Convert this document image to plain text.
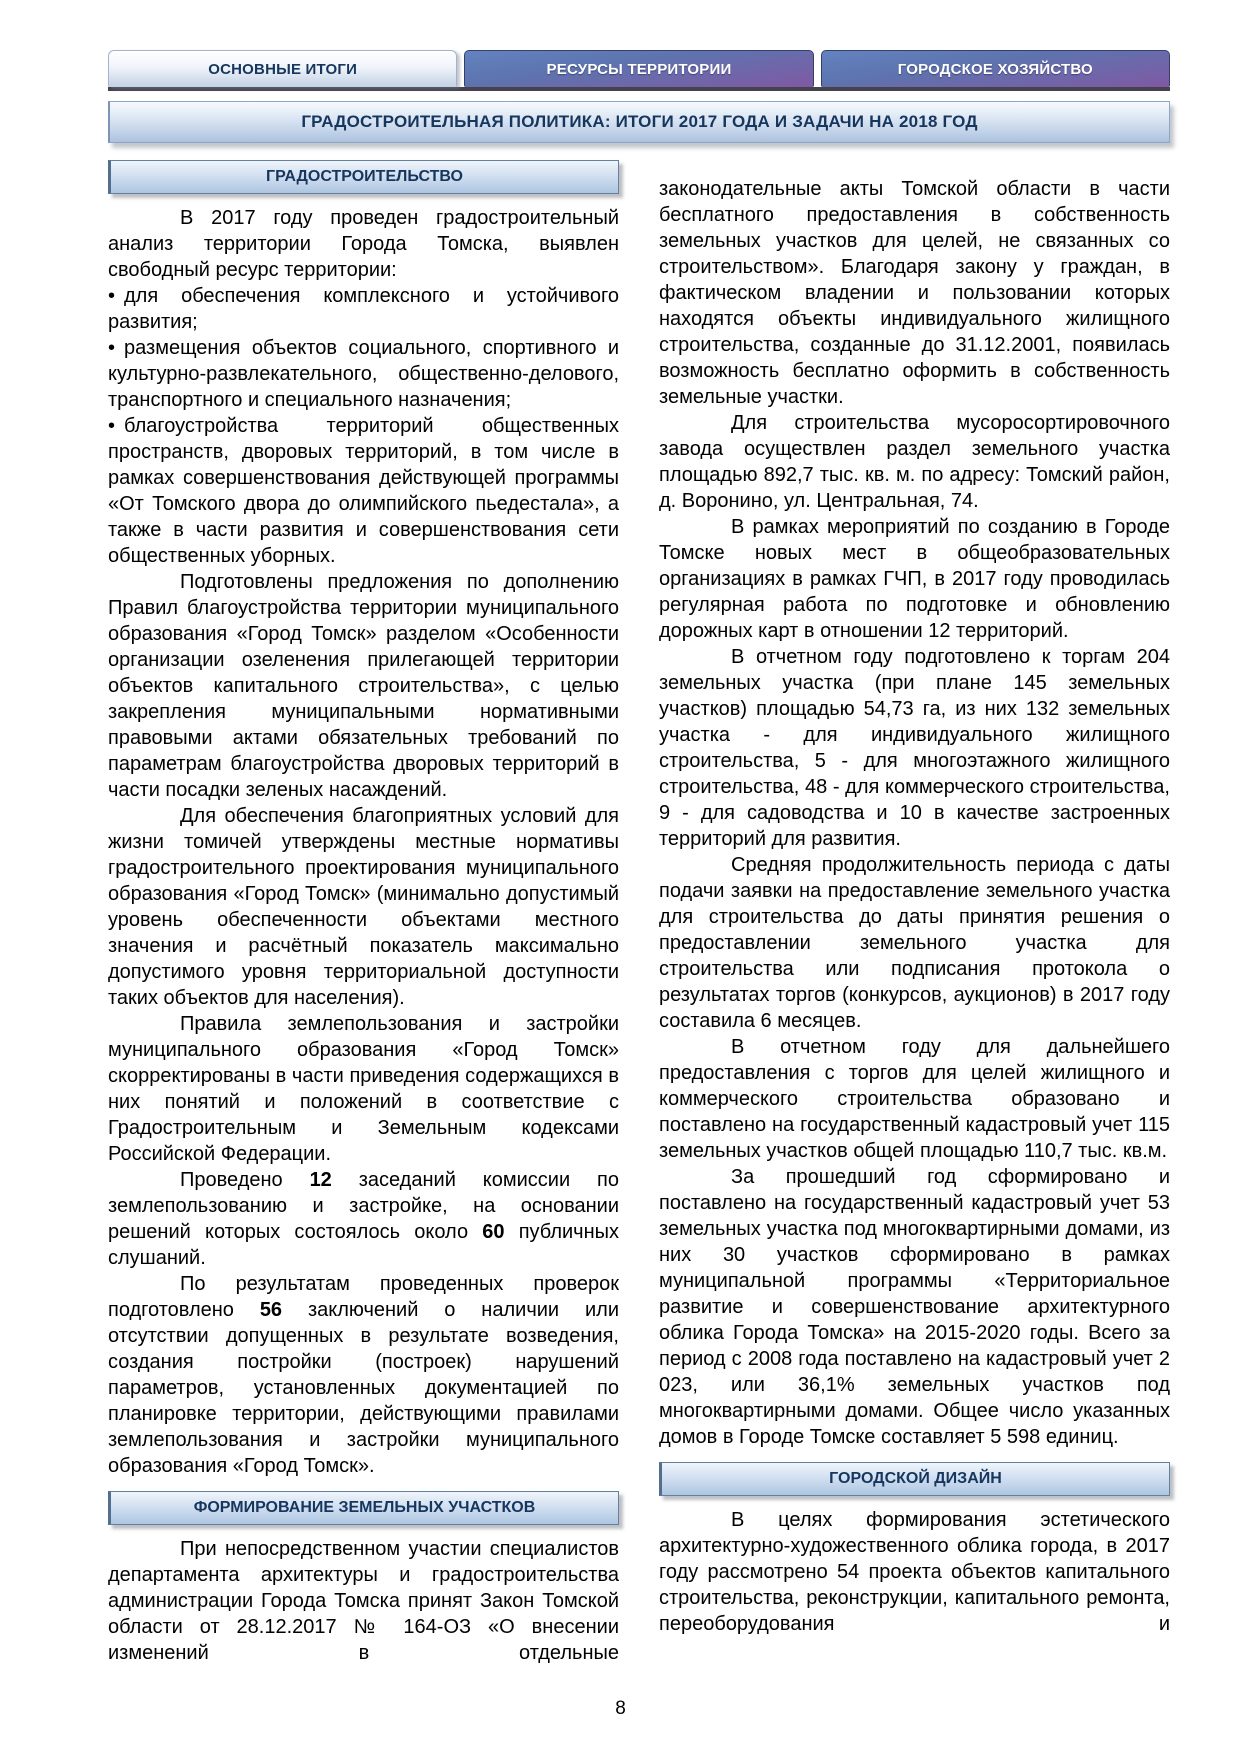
ОСНОВНЫЕ ИТОГИ	РЕСУРСЫ ТЕРРИТОРИИ	ГОРОДСКОЕ ХОЗЯЙСТВО
ГРАДОСТРОИТЕЛЬНАЯ ПОЛИТИКА: ИТОГИ 2017 ГОДА И ЗАДАЧИ НА 2018 ГОД
ГРАДОСТРОИТЕЛЬСТВО

В 2017 году проведен градостроительный анализ территории Города Томска, выявлен свободный ресурс территории:

• для обеспечения комплексного и устойчивого развития;

• размещения объектов социального, спортивного и культурно-развлекательного, общественно-делового, транспортного и специального назначения;

• благоустройства территорий общественных пространств, дворовых территорий, в том числе в рамках совершенствования действующей программы «От Томского двора до олимпийского пьедестала», а также в части развития и совершенствования сети общественных уборных.

Подготовлены предложения по дополнению Правил благоустройства территории муниципального образования «Город Томск» разделом «Особенности организации озеленения прилегающей территории объектов капитального строительства», с целью закрепления муниципальными нормативными правовыми актами обязательных требований по параметрам благоустройства дворовых территорий в части посадки зеленых насаждений.

Для обеспечения благоприятных условий для жизни томичей утверждены местные нормативы градостроительного проектирования муниципального образования «Город Томск» (минимально допустимый уровень обеспеченности объектами местного значения и расчётный показатель максимально допустимого уровня территориальной доступности таких объектов для населения).

Правила землепользования и застройки муниципального образования «Город Томск» скорректированы в части приведения содержащихся в них понятий и положений в соответствие с Градостроительным и Земельным кодексами Российской Федерации.

Проведено 12 заседаний комиссии по землепользованию и застройке, на основании решений которых состоялось около 60 публичных слушаний.

По результатам проведенных проверок подготовлено 56 заключений о наличии или отсутствии допущенных в результате возведения, создания постройки (построек) нарушений параметров, установленных документацией по планировке территории, действующими правилами землепользования и застройки муниципального образования «Город Томск».

ФОРМИРОВАНИЕ ЗЕМЕЛЬНЫХ УЧАСТКОВ

При непосредственном участии специалистов департамента архитектуры и градостроительства администрации Города Томска принят Закон Томской области от 28.12.2017 № 164-ОЗ «О внесении изменений в отдельные

законодательные акты Томской области в части бесплатного предоставления в собственность земельных участков для целей, не связанных со строительством». Благодаря закону у граждан, в фактическом владении и пользовании которых находятся объекты индивидуального жилищного строительства, созданные до 31.12.2001, появилась возможность бесплатно оформить в собственность земельные участки.

Для строительства мусоросортировочного завода осуществлен раздел земельного участка площадью 892,7 тыс. кв. м. по адресу: Томский район, д. Воронино, ул. Центральная, 74.

В рамках мероприятий по созданию в Городе Томске новых мест в общеобразовательных организациях в рамках ГЧП, в 2017 году проводилась регулярная работа по подготовке и обновлению дорожных карт в отношении 12 территорий.

В отчетном году подготовлено к торгам 204 земельных участка (при плане 145 земельных участков) площадью 54,73 га, из них 132 земельных участка - для индивидуального жилищного строительства, 5 - для многоэтажного жилищного строительства, 48 - для коммерческого строительства, 9 - для садоводства и 10 в качестве застроенных территорий для развития.

Средняя продолжительность периода с даты подачи заявки на предоставление земельного участка для строительства до даты принятия решения о предоставлении земельного участка для строительства или подписания протокола о результатах торгов (конкурсов, аукционов) в 2017 году составила 6 месяцев.

В отчетном году для дальнейшего предоставления с торгов для целей жилищного и коммерческого строительства образовано и поставлено на государственный кадастровый учет 115 земельных участков общей площадью 110,7 тыс. кв.м.

За прошедший год сформировано и поставлено на государственный кадастровый учет 53 земельных участка под многоквартирными домами, из них 30 участков сформировано в рамках муниципальной программы «Территориальное развитие и совершенствование архитектурного облика Города Томска» на 2015-2020 годы. Всего за период с 2008 года поставлено на кадастровый учет 2 023, или 36,1% земельных участков под многоквартирными домами. Общее число указанных домов в Городе Томске составляет 5 598 единиц.

ГОРОДСКОЙ ДИЗАЙН

В целях формирования эстетического архитектурно-художественного облика города, в 2017 году рассмотрено 54 проекта объектов капитального строительства, реконструкции, капитального ремонта, переоборудования и

8
